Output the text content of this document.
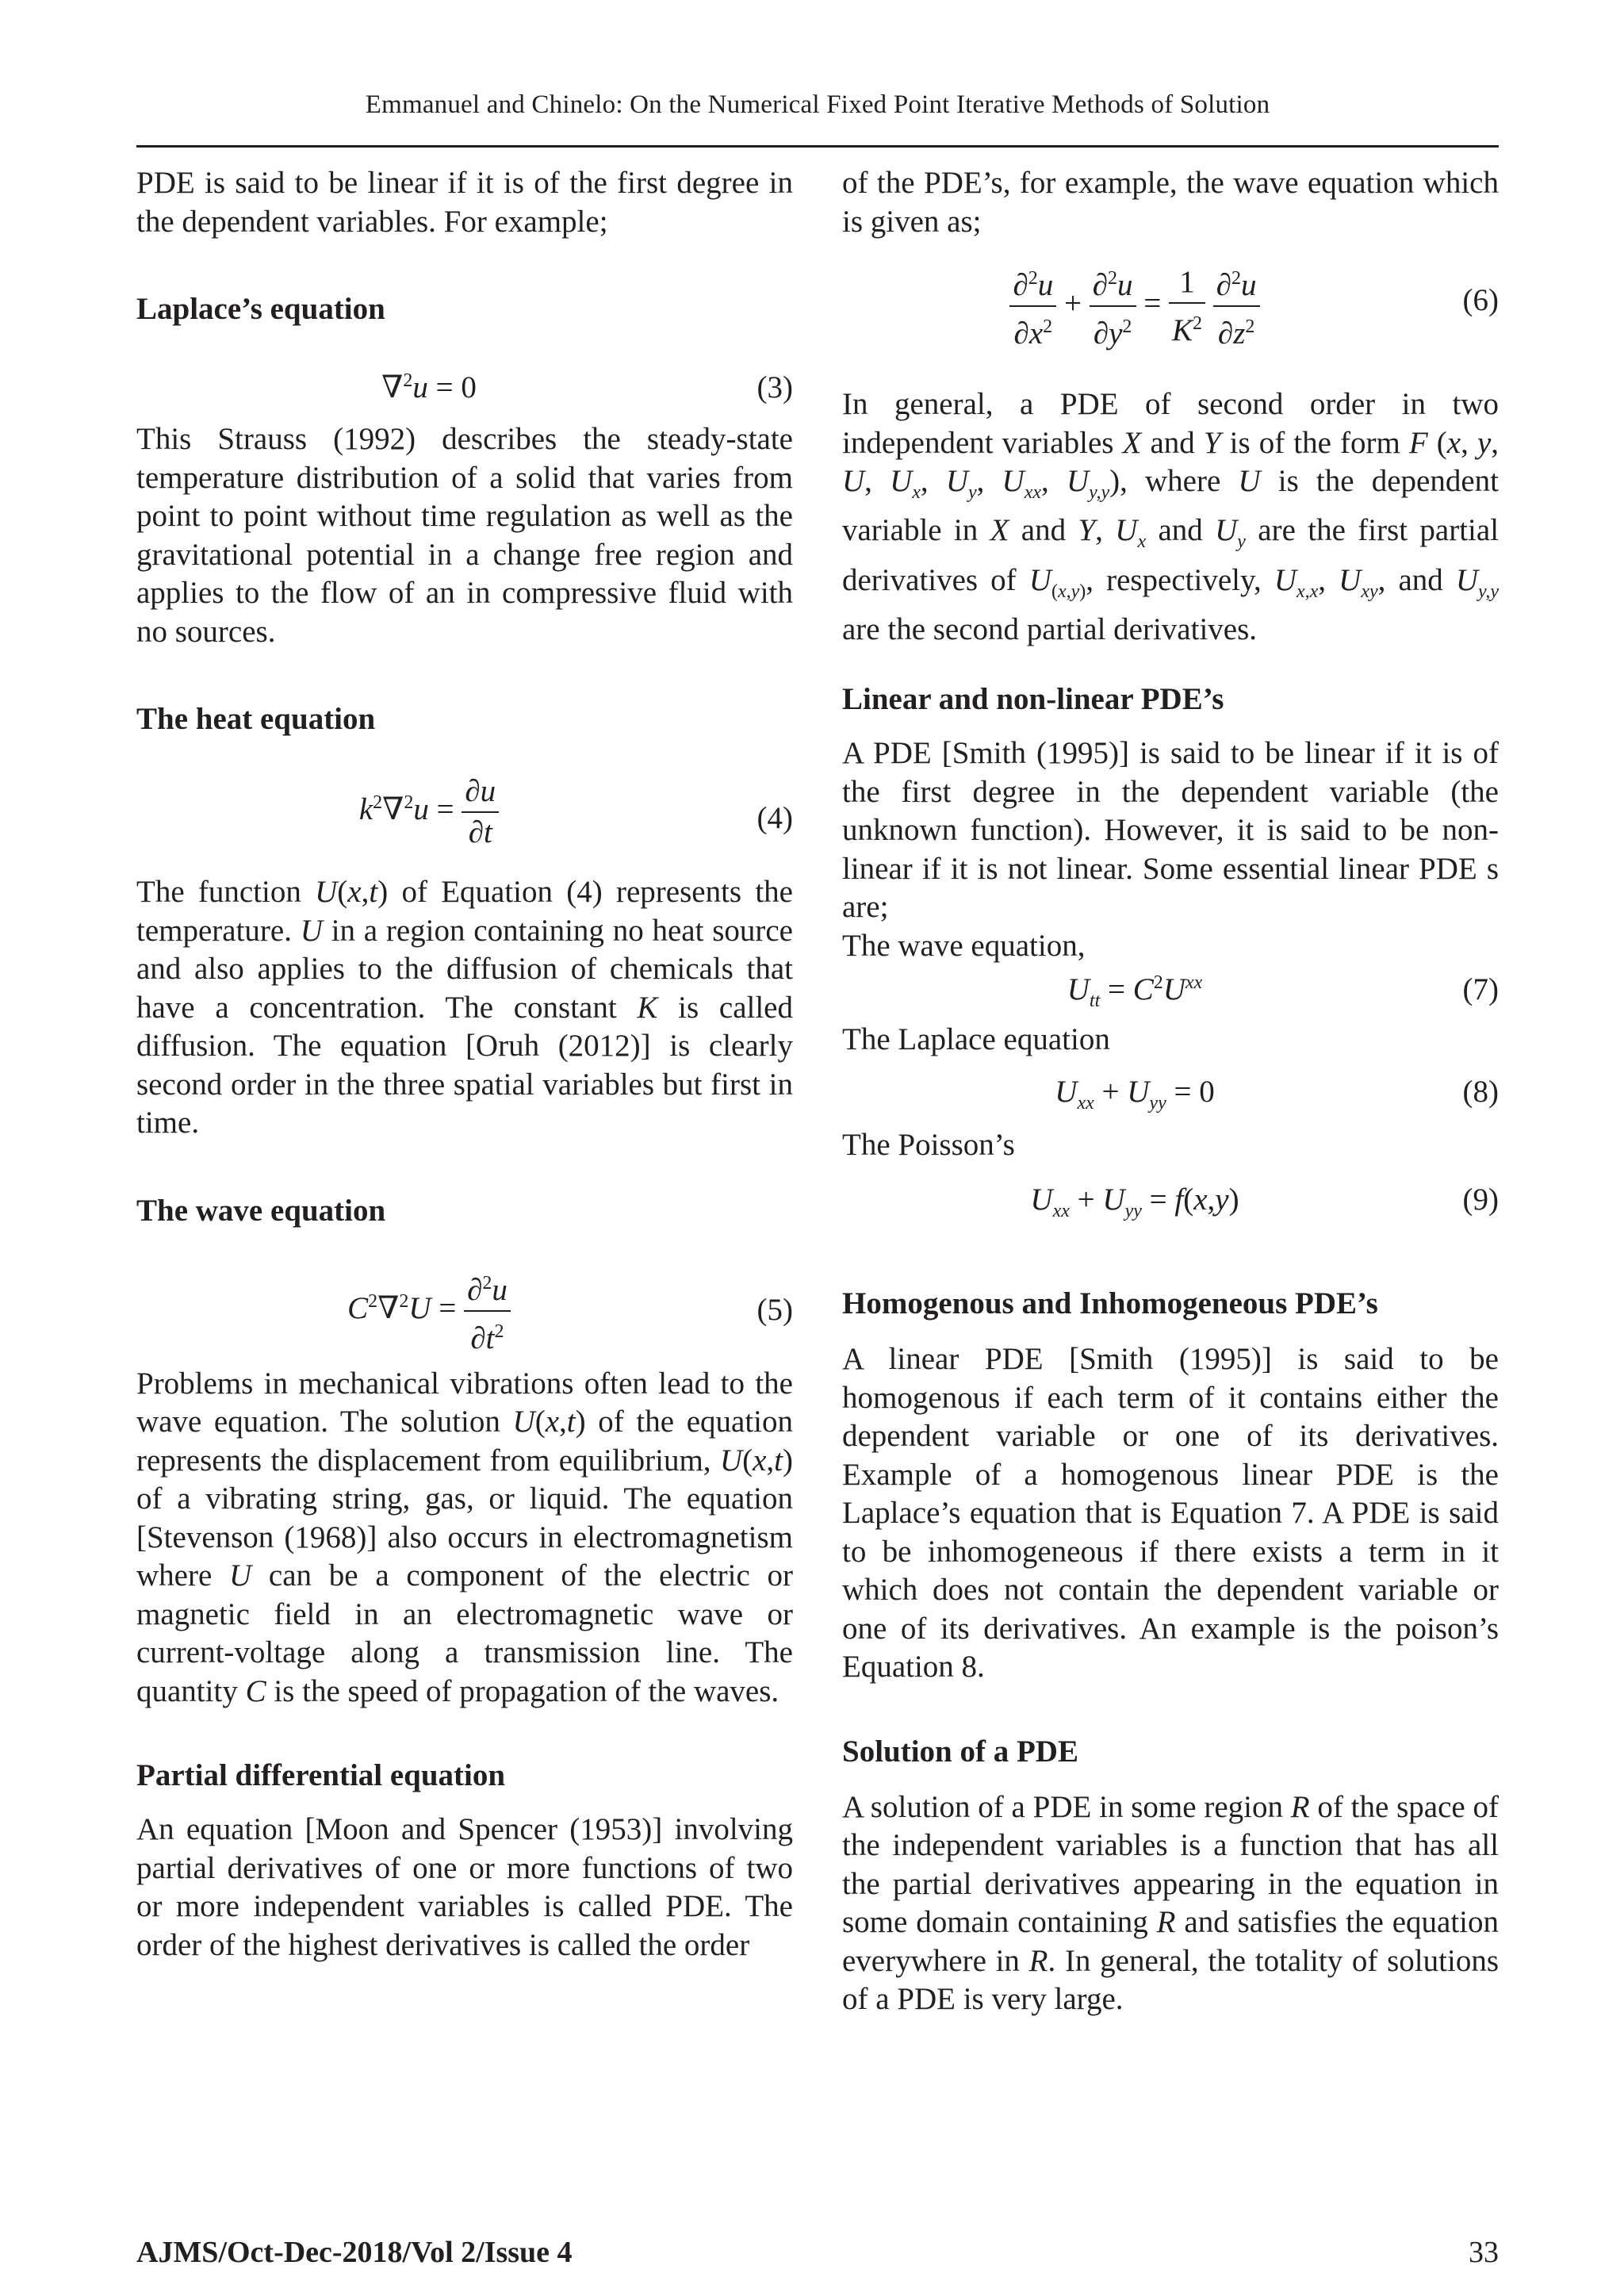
Emmanuel and Chinelo: On the Numerical Fixed Point Iterative Methods of Solution

PDE is said to be linear if it is of the first degree in the dependent variables. For example;

Laplace’s equation

∇$^2$u = 0	(3)

This Strauss (1992) describes the steady-state temperature distribution of a solid that varies from point to point without time regulation as well as the gravitational potential in a change free region and applies to the flow of an in compressive fluid with no sources.

The heat equation

$k^2\nabla^2u = \frac{\partial u}{\partial t}$	(4)

The function U(x,t) of Equation (4) represents the temperature. U in a region containing no heat source and also applies to the diffusion of chemicals that have a concentration. The constant K is called diffusion. The equation [Oruh (2012)] is clearly second order in the three spatial variables but first in time.

The wave equation

$C^2\nabla^2U = \frac{\partial^2u}{\partial t^2}$	(5)

Problems in mechanical vibrations often lead to the wave equation. The solution U(x,t) of the equation represents the displacement from equilibrium, U(x,t) of a vibrating string, gas, or liquid. The equation [Stevenson (1968)] also occurs in electromagnetism where U can be a component of the electric or magnetic field in an electromagnetic wave or current-voltage along a transmission line. The quantity C is the speed of propagation of the waves.

Partial differential equation

An equation [Moon and Spencer (1953)] involving partial derivatives of one or more functions of two or more independent variables is called PDE. The order of the highest derivatives is called the order

of the PDE’s, for example, the wave equation which is given as;

$\frac{\partial^2u}{\partial x^2} + \frac{\partial^2u}{\partial y^2} = \frac{1}{K^2}$
$\frac{\partial^2u}{\partial z^2}$	(6)

In general, a PDE of second order in two independent variables X and Y is of the form F (x, y, U, $U_x$, $U_y$, $U_{xx}$, $U_{y,y}$), where U is the dependent variable in X and Y, $U_x$ and $U_y$ are the first partial derivatives of $U_{(x,y)}$, respectively, $U_{x,x}$, $U_{xy}$, and $U_{y,y}$ are the second partial derivatives.

Linear and non-linear PDE’s

A PDE [Smith (1995)] is said to be linear if it is of the first degree in the dependent variable (the unknown function). However, it is said to be non-linear if it is not linear. Some essential linear PDE s are;

The wave equation,

$U_{tt} = C^2U^{xx}$	(7)

The Laplace equation

$U_{xx} + U_{yy} = 0$	(8)

The Poisson’s

$U_{xx} + U_{yy} = f(x,y)$	(9)

Homogenous and Inhomogeneous PDE’s

A linear PDE [Smith (1995)] is said to be homogenous if each term of it contains either the dependent variable or one of its derivatives. Example of a homogenous linear PDE is the Laplace’s equation that is Equation 7. A PDE is said to be inhomogeneous if there exists a term in it which does not contain the dependent variable or one of its derivatives. An example is the poison’s Equation 8.

Solution of a PDE

A solution of a PDE in some region R of the space of the independent variables is a function that has all the partial derivatives appearing in the equation in some domain containing R and satisfies the equation everywhere in R. In general, the totality of solutions of a PDE is very large.

AJMS/Oct-Dec-2018/Vol 2/Issue 4	33
